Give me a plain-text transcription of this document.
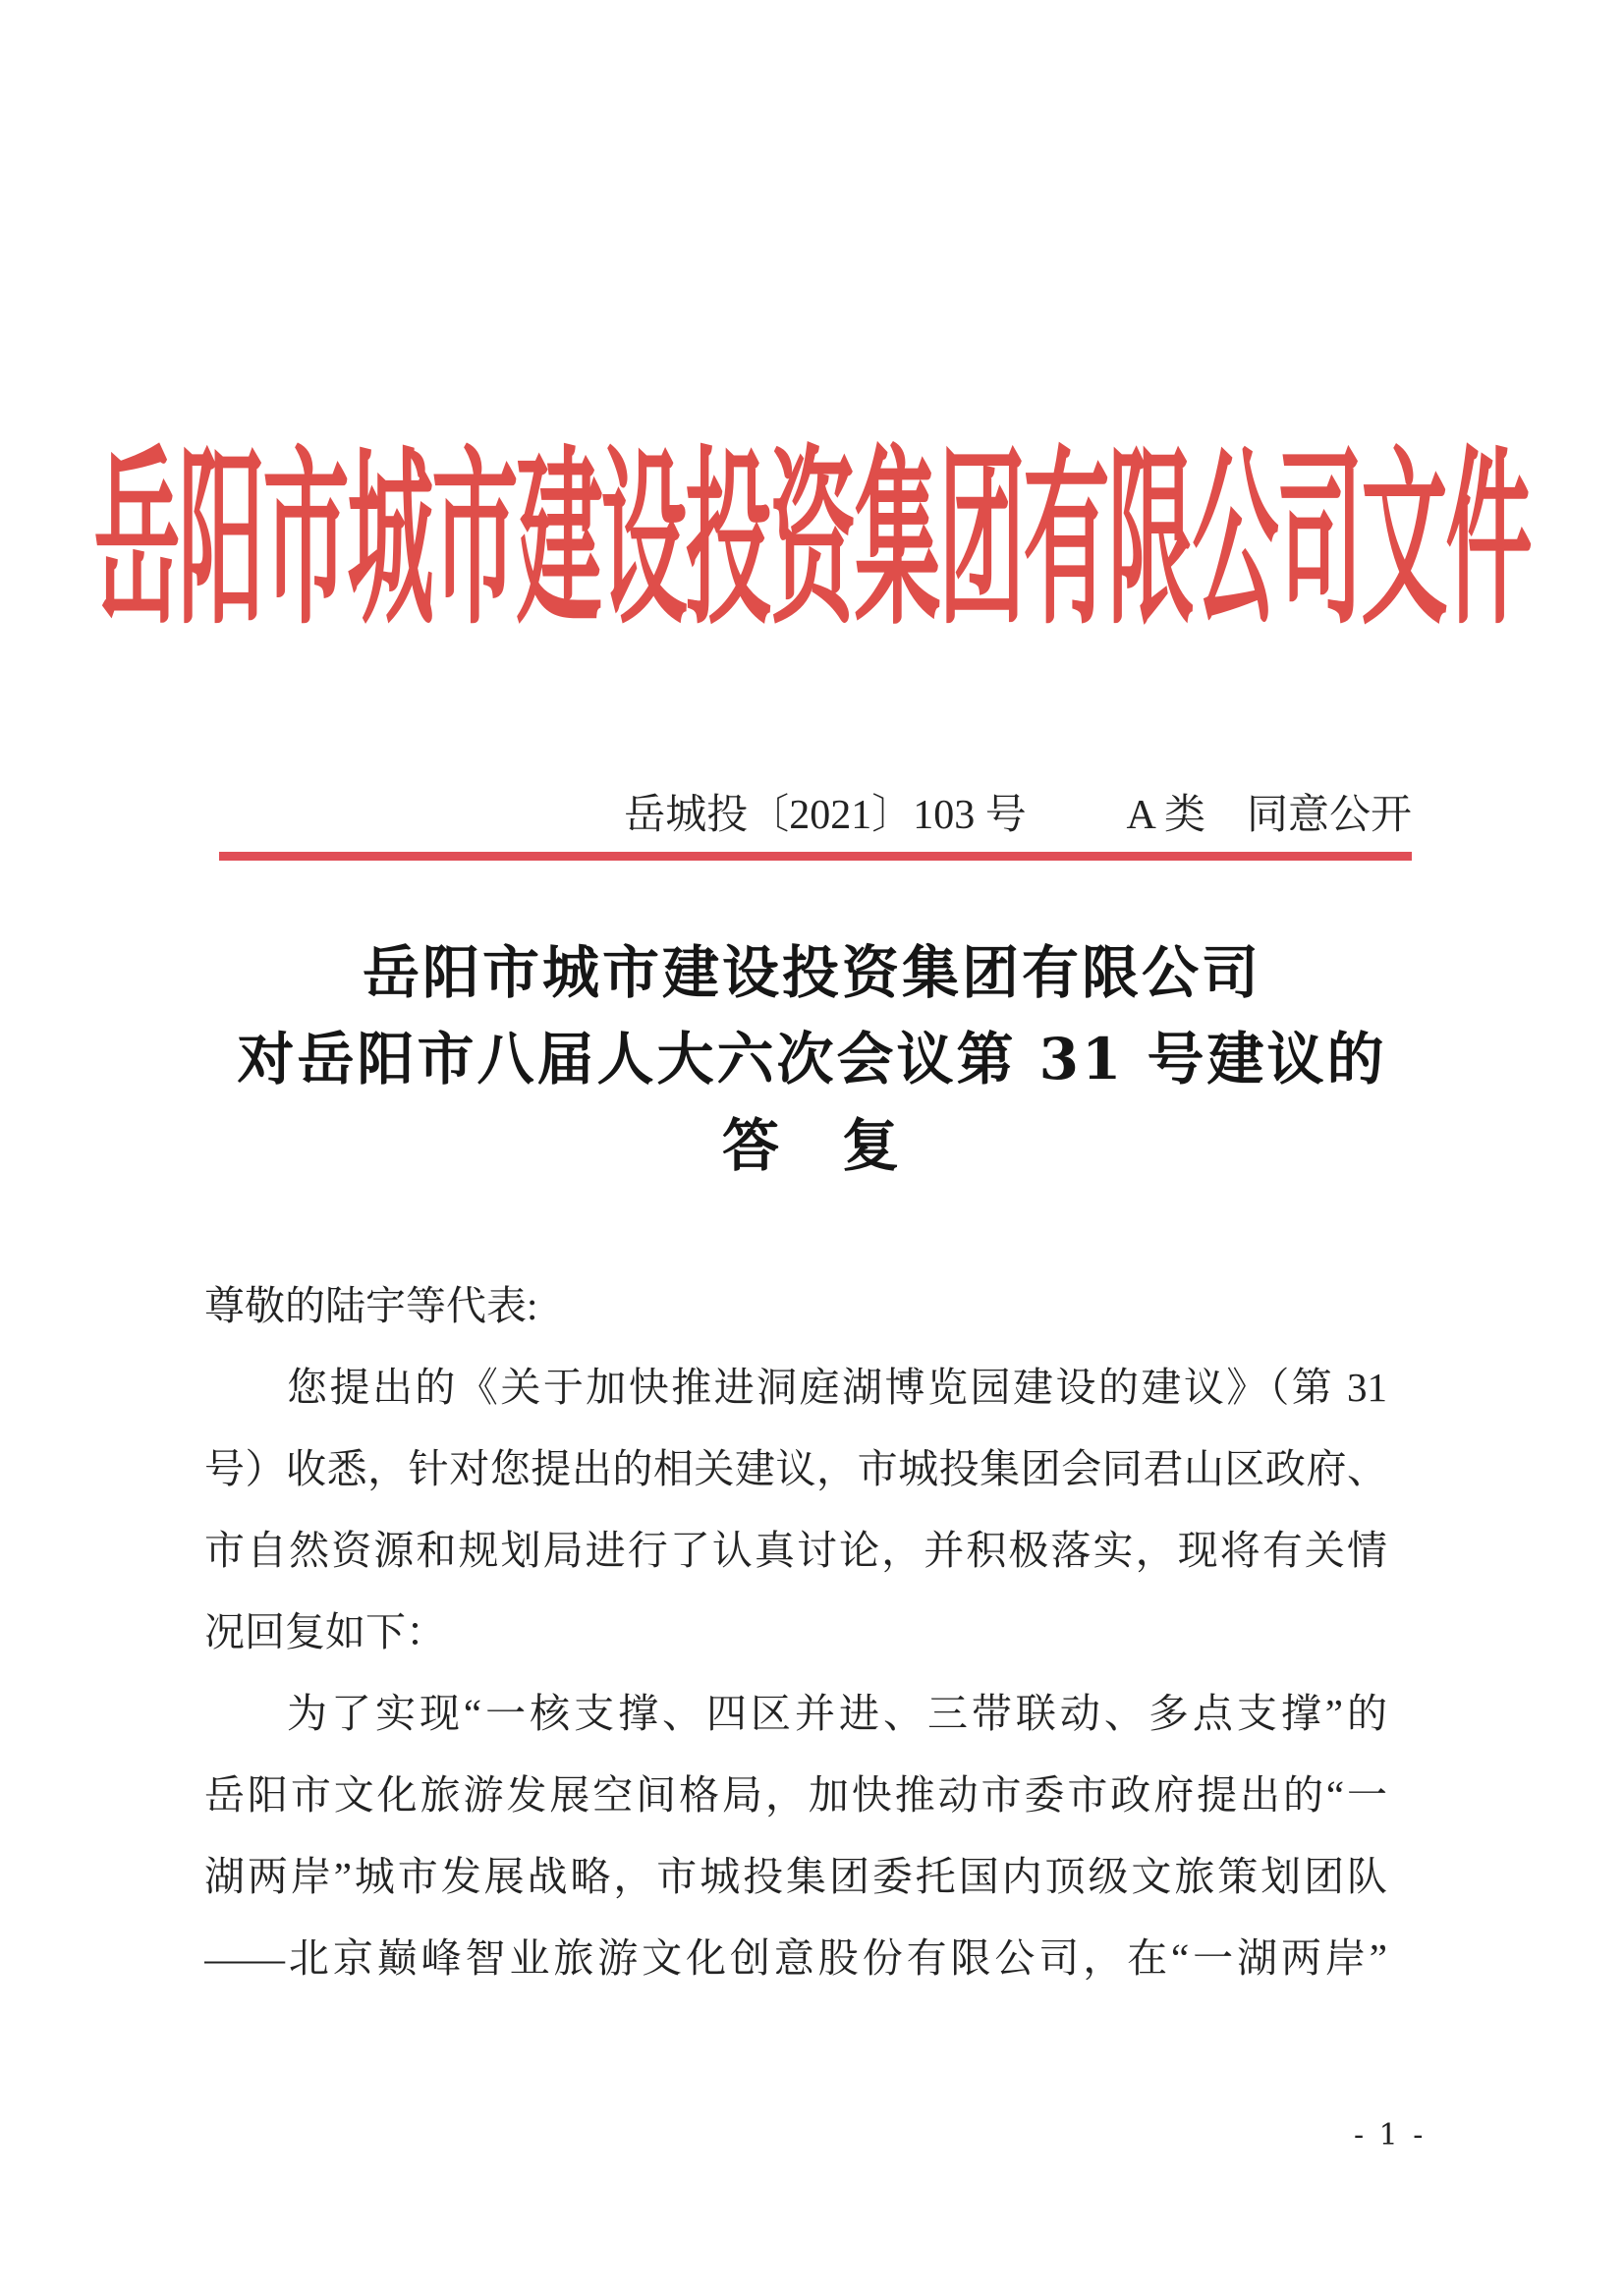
岳阳市城市建设投资集团有限公司文件
岳城投〔2021〕103 号 A 类　同意公开
岳阳市城市建设投资集团有限公司
对岳阳市八届人大六次会议第 31 号建议的
答　复
尊敬的陆宇等代表:
您提出的《关于加快推进洞庭湖博览园建设的建议》（第 31
号）收悉，针对您提出的相关建议，市城投集团会同君山区政府、
市自然资源和规划局进行了认真讨论，并积极落实，现将有关情
况回复如下：
为了实现“一核支撑、四区并进、三带联动、多点支撑”的
岳阳市文化旅游发展空间格局，加快推动市委市政府提出的“一
湖两岸”城市发展战略，市城投集团委托国内顶级文旅策划团队
——北京巅峰智业旅游文化创意股份有限公司，在“一湖两岸”
- 1 -
